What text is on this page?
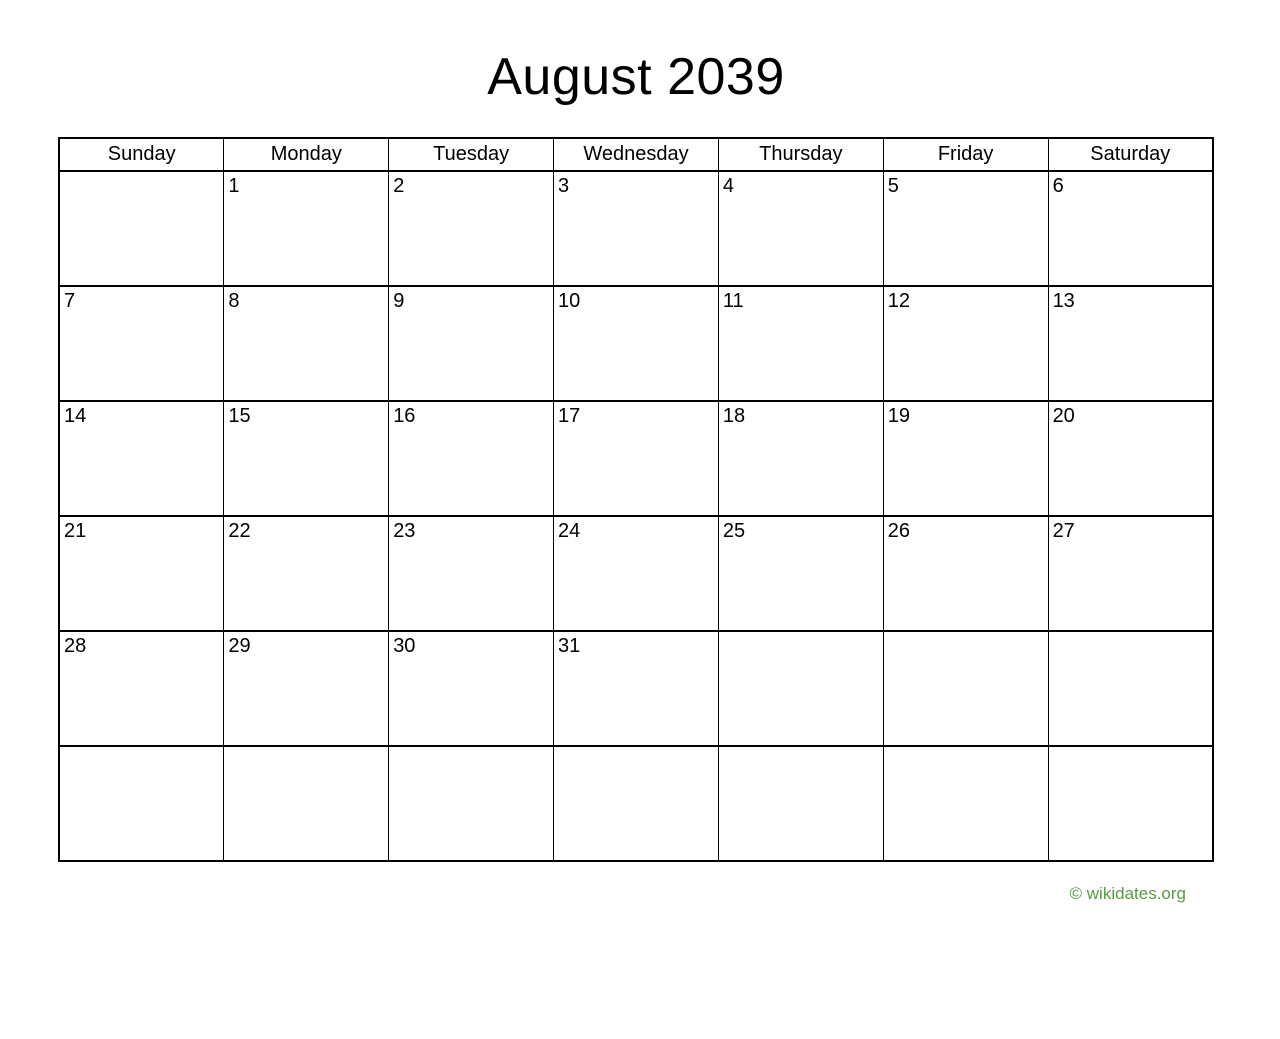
August 2039
Sunday	Monday	Tuesday	Wednesday	Thursday	Friday	Saturday
	1	2	3	4	5	6
7	8	9	10	11	12	13
14	15	16	17	18	19	20
21	22	23	24	25	26	27
28	29	30	31			

© wikidates.org
